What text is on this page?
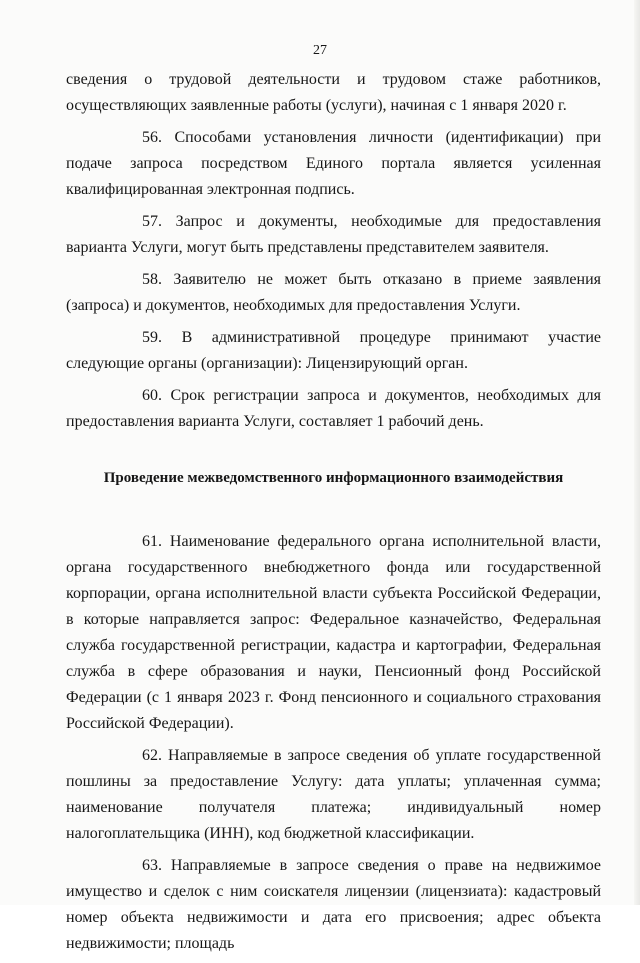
27

сведения о трудовой деятельности и трудовом стаже работников, осуществляющих заявленные работы (услуги), начиная с 1 января 2020 г.

56. Способами установления личности (идентификации) при подаче запроса посредством Единого портала является усиленная квалифицированная электронная подпись.

57. Запрос и документы, необходимые для предоставления варианта Услуги, могут быть представлены представителем заявителя.

58. Заявителю не может быть отказано в приеме заявления (запроса) и документов, необходимых для предоставления Услуги.

59. В административной процедуре принимают участие следующие органы (организации): Лицензирующий орган.

60. Срок регистрации запроса и документов, необходимых для предоставления варианта Услуги, составляет 1 рабочий день.

Проведение межведомственного информационного взаимодействия

61. Наименование федерального органа исполнительной власти, органа государственного внебюджетного фонда или государственной корпорации, органа исполнительной власти субъекта Российской Федерации, в которые направляется запрос: Федеральное казначейство, Федеральная служба государственной регистрации, кадастра и картографии, Федеральная служба в сфере образования и науки, Пенсионный фонд Российской Федерации (с 1 января 2023 г. Фонд пенсионного и социального страхования Российской Федерации).

62. Направляемые в запросе сведения об уплате государственной пошлины за предоставление Услугу: дата уплаты; уплаченная сумма; наименование получателя платежа; индивидуальный номер налогоплательщика (ИНН), код бюджетной классификации.

63. Направляемые в запросе сведения о праве на недвижимое имущество и сделок с ним соискателя лицензии (лицензиата): кадастровый номер объекта недвижимости и дата его присвоения; адрес объекта недвижимости; площадь
